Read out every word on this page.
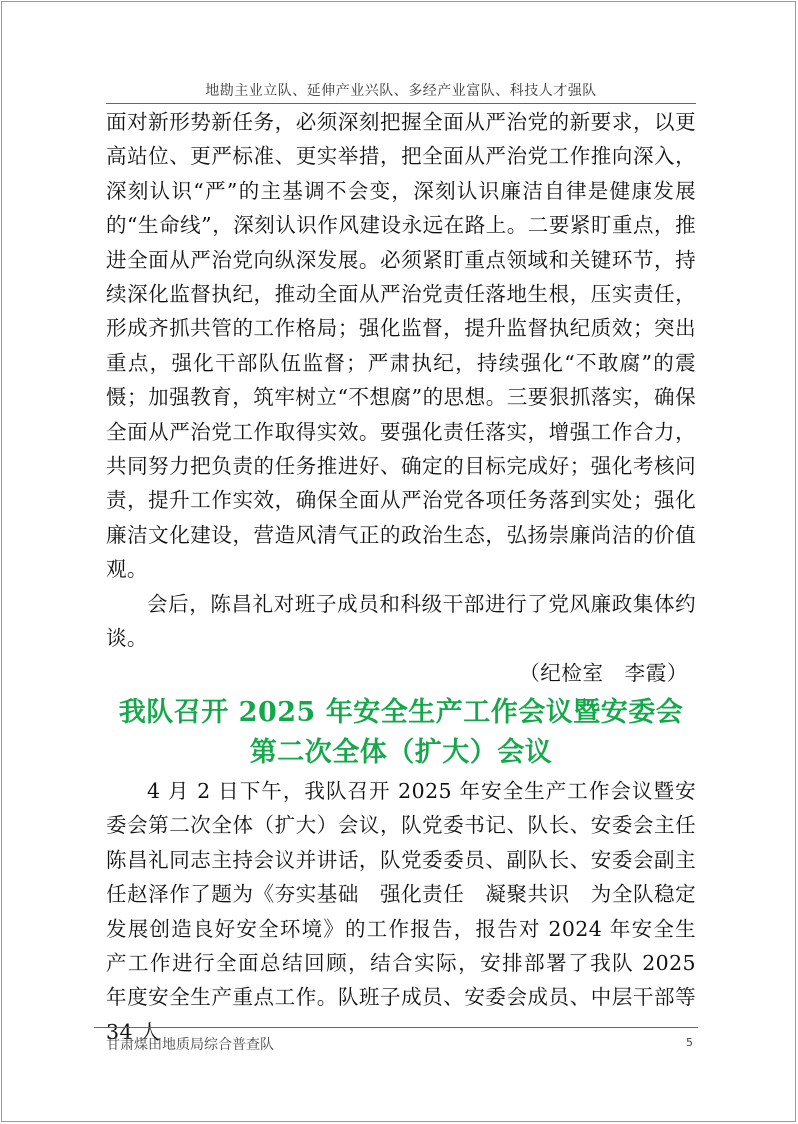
地勘主业立队、延伸产业兴队、多经产业富队、科技人才强队

面对新形势新任务，必须深刻把握全面从严治党的新要求，以更高站位、更严标准、更实举措，把全面从严治党工作推向深入，深刻认识“严”的主基调不会变，深刻认识廉洁自律是健康发展的“生命线”，深刻认识作风建设永远在路上。二要紧盯重点，推进全面从严治党向纵深发展。必须紧盯重点领域和关键环节，持续深化监督执纪，推动全面从严治党责任落地生根，压实责任，形成齐抓共管的工作格局；强化监督，提升监督执纪质效；突出重点，强化干部队伍监督；严肃执纪，持续强化“不敢腐”的震慑；加强教育，筑牢树立“不想腐”的思想。三要狠抓落实，确保全面从严治党工作取得实效。要强化责任落实，增强工作合力，共同努力把负责的任务推进好、确定的目标完成好；强化考核问责，提升工作实效，确保全面从严治党各项任务落到实处；强化廉洁文化建设，营造风清气正的政治生态，弘扬崇廉尚洁的价值观。

会后，陈昌礼对班子成员和科级干部进行了党风廉政集体约谈。

（纪检室　李霞）

我队召开 2025 年安全生产工作会议暨安委会

第二次全体（扩大）会议

4 月 2 日下午，我队召开 2025 年安全生产工作会议暨安委会第二次全体（扩大）会议，队党委书记、队长、安委会主任陈昌礼同志主持会议并讲话，队党委委员、副队长、安委会副主任赵泽作了题为《夯实基础　强化责任　凝聚共识　为全队稳定发展创造良好安全环境》的工作报告，报告对 2024 年安全生产工作进行全面总结回顾，结合实际，安排部署了我队 2025 年度安全生产重点工作。队班子成员、安委会成员、中层干部等 34 人

甘肃煤田地质局综合普查队	5
